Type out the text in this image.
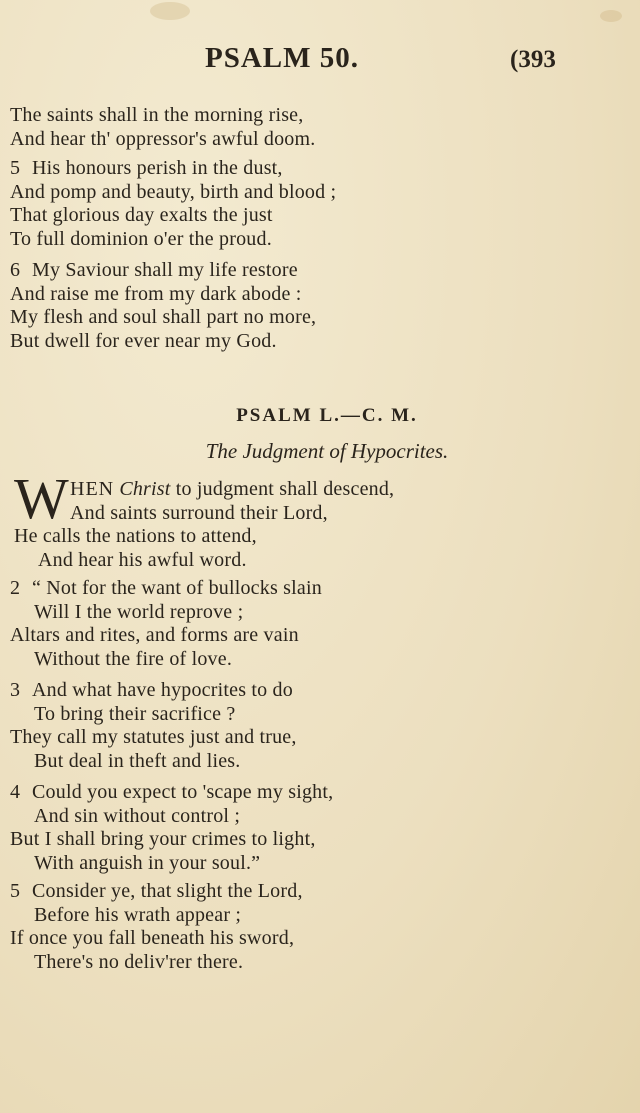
PSALM 50.	(393
The saints shall in the morning rise,
And hear th' oppressor's awful doom.
5 His honours perish in the dust,
And pomp and beauty, birth and blood ;
That glorious day exalts the just
To full dominion o'er the proud.
6 My Saviour shall my life restore
And raise me from my dark abode :
My flesh and soul shall part no more,
But dwell for ever near my God.
PSALM L.—C. M.
The Judgment of Hypocrites.
W HEN Christ to judgment shall descend,
And saints surround their Lord,
He calls the nations to attend,
And hear his awful word.
2 “ Not for the want of bullocks slain
Will I the world reprove ;
Altars and rites, and forms are vain
Without the fire of love.
3 And what have hypocrites to do
To bring their sacrifice ?
They call my statutes just and true,
But deal in theft and lies.
4 Could you expect to 'scape my sight,
And sin without control ;
But I shall bring your crimes to light,
With anguish in your soul.”
5 Consider ye, that slight the Lord,
Before his wrath appear ;
If once you fall beneath his sword,
There's no deliv'rer there.
